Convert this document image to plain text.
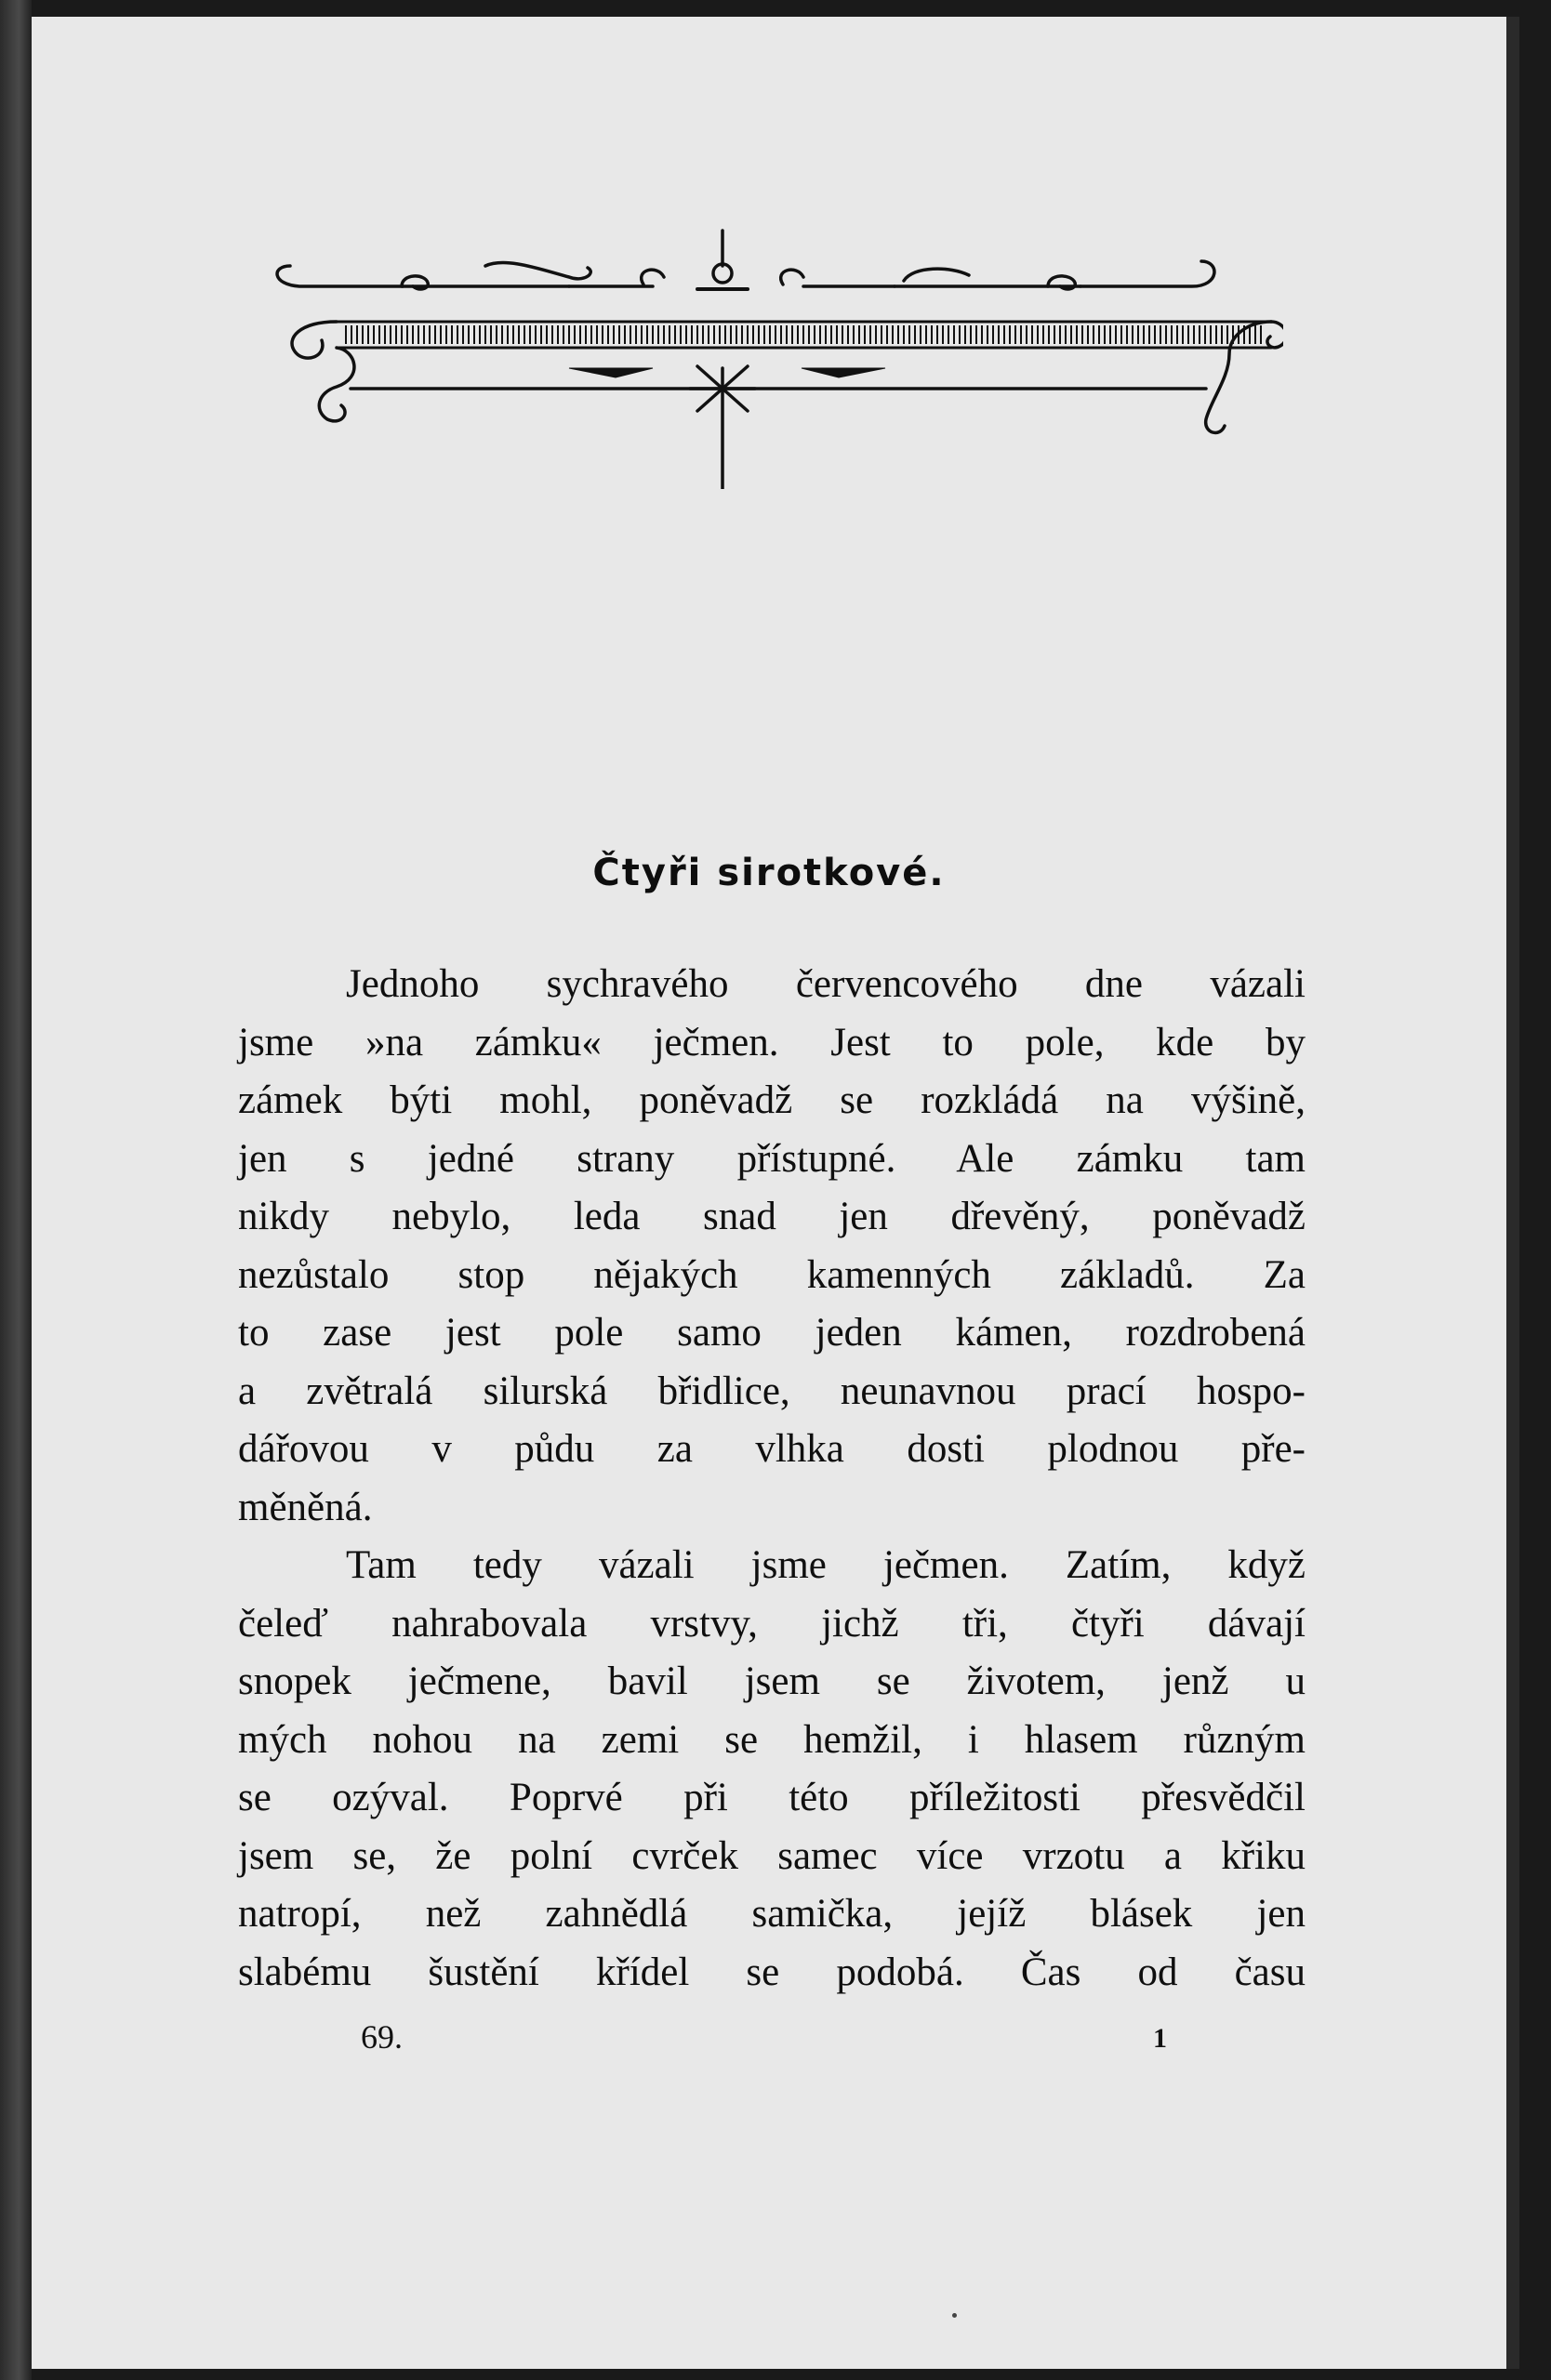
Čtyři sirotkové.
Jednoho sychravého červencového dne vázali
jsme »na zámku« ječmen. Jest to pole, kde by
zámek býti mohl, poněvadž se rozkládá na výšině,
jen s jedné strany přístupné. Ale zámku tam
nikdy nebylo, leda snad jen dřevěný, poněvadž
nezůstalo stop nějakých kamenných základů. Za
to zase jest pole samo jeden kámen, rozdrobená
a zvětralá silurská břidlice, neunavnou prací hospo-
dářovou v půdu za vlhka dosti plodnou pře-
měněná.
Tam tedy vázali jsme ječmen. Zatím, když
čeleď nahrabovala vrstvy, jichž tři, čtyři dávají
snopek ječmene, bavil jsem se životem, jenž u
mých nohou na zemi se hemžil, i hlasem různým
se ozýval. Poprvé při této příležitosti přesvědčil
jsem se, že polní cvrček samec více vrzotu a křiku
natropí, než zahnědlá samička, jejíž blásek jen
slabému šustění křídel se podobá. Čas od času
69.	1
